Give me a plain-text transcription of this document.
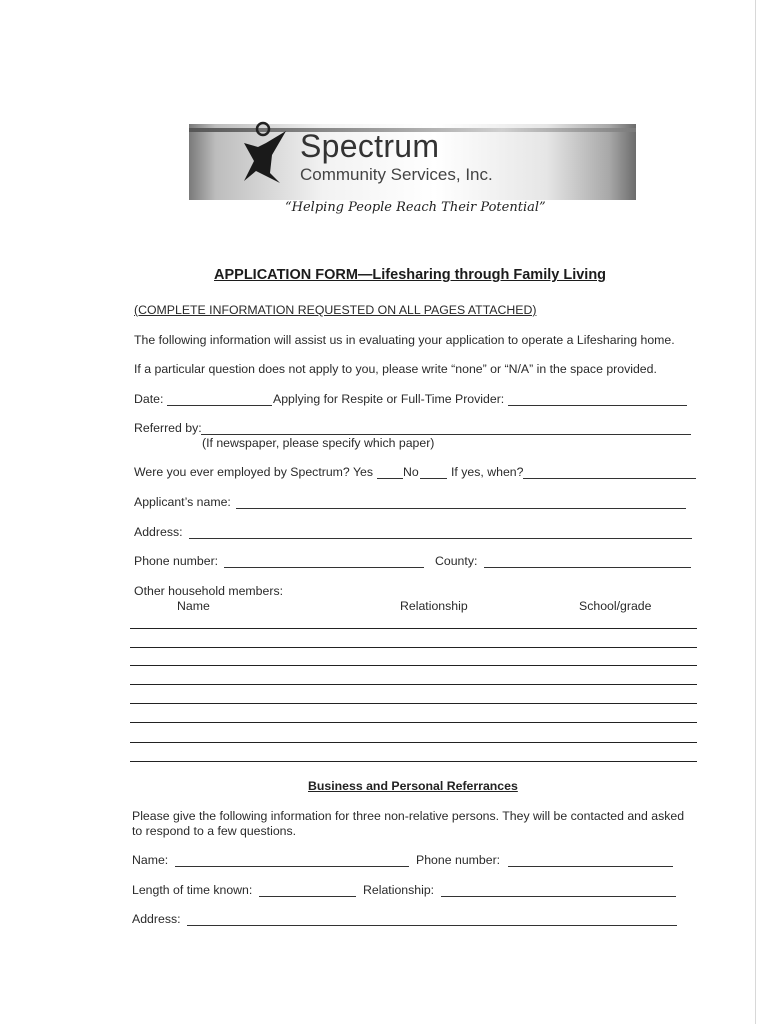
Spectrum
Community Services, Inc.
“Helping People Reach Their Potential”
APPLICATION FORM—Lifesharing through Family Living
(COMPLETE INFORMATION REQUESTED ON ALL PAGES ATTACHED)
The following information will assist us in evaluating your application to operate a Lifesharing home.
If a particular question does not apply to you, please write “none” or “N/A” in the space provided.
Date:	Applying for Respite or Full-Time Provider:
Referred by:
(If newspaper, please specify which paper)
Were you ever employed by Spectrum? Yes No	If yes, when?
Applicant’s name:
Address:
Phone number:	County:
Other household members:
Name	Relationship	School/grade
Business and Personal Referrances
Please give the following information for three non-relative persons. They will be contacted and asked
to respond to a few questions.
Name:	Phone number:
Length of time known:	Relationship:
Address:
